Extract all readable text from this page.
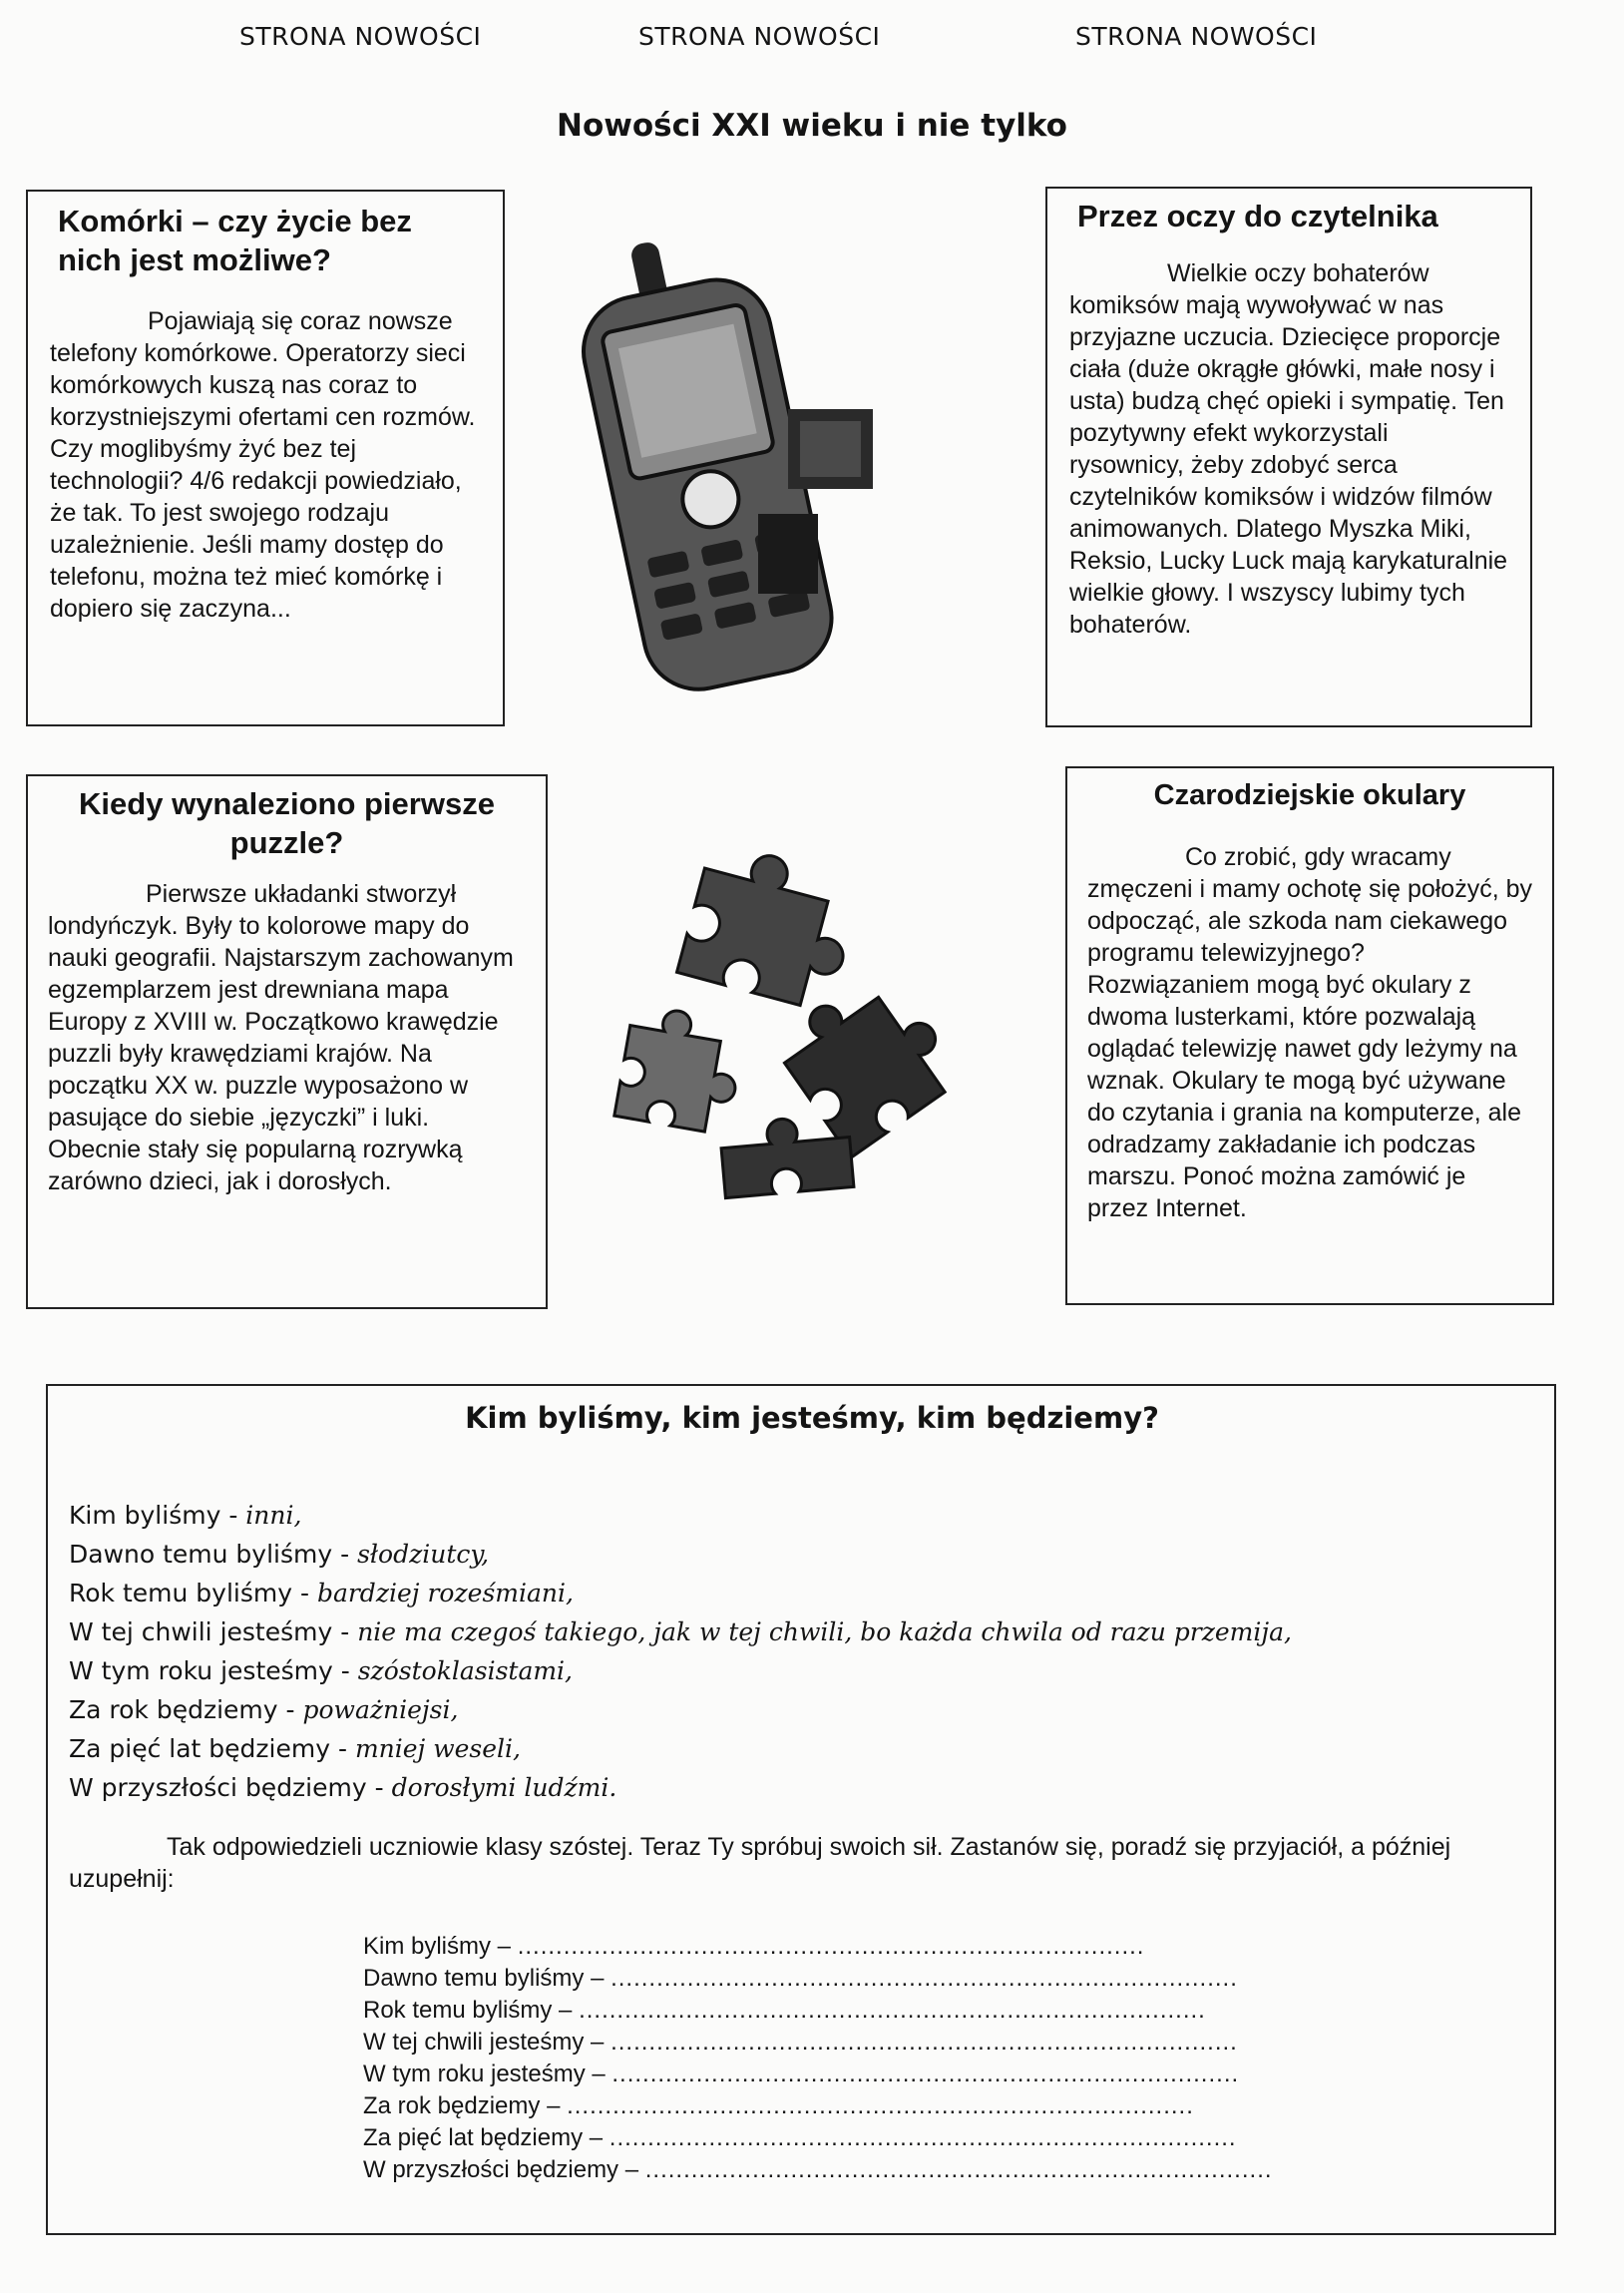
STRONA NOWOŚCI	STRONA NOWOŚCI	STRONA NOWOŚCI
Nowości XXI wieku i nie tylko
Komórki – czy życie bez nich jest możliwe?

Pojawiają się coraz nowsze telefony komórkowe. Operatorzy sieci komórkowych kuszą nas coraz to korzystniejszymi ofertami cen rozmów. Czy moglibyśmy żyć bez tej technologii? 4/6 redakcji powiedziało, że tak. To jest swojego rodzaju uzależnienie. Jeśli mamy dostęp do telefonu, można też mieć komórkę i dopiero się zaczyna...

Przez oczy do czytelnika

Wielkie oczy bohaterów komiksów mają wywoływać w nas przyjazne uczucia. Dziecięce proporcje ciała (duże okrągłe główki, małe nosy i usta) budzą chęć opieki i sympatię. Ten pozytywny efekt wykorzystali rysownicy, żeby zdobyć serca czytelników komiksów i widzów filmów animowanych. Dlatego Myszka Miki, Reksio, Lucky Luck mają karykaturalnie wielkie głowy. I wszyscy lubimy tych bohaterów.

Kiedy wynaleziono pierwsze puzzle?

Pierwsze układanki stworzył londyńczyk. Były to kolorowe mapy do nauki geografii. Najstarszym zachowanym egzemplarzem jest drewniana mapa Europy z XVIII w. Początkowo krawędzie puzzli były krawędziami krajów. Na początku XX w. puzzle wyposażono w pasujące do siebie „języczki” i luki. Obecnie stały się popularną rozrywką zarówno dzieci, jak i dorosłych.

Czarodziejskie okulary

Co zrobić, gdy wracamy zmęczeni i mamy ochotę się położyć, by odpocząć, ale szkoda nam ciekawego programu telewizyjnego? Rozwiązaniem mogą być okulary z dwoma lusterkami, które pozwalają oglądać telewizję nawet gdy leżymy na wznak. Okulary te mogą być używane do czytania i grania na komputerze, ale odradzamy zakładanie ich podczas marszu. Ponoć można zamówić je przez Internet.

Kim byliśmy, kim jesteśmy, kim będziemy?
Kim byliśmy - inni,
Dawno temu byliśmy - słodziutcy,
Rok temu byliśmy - bardziej roześmiani,
W tej chwili jesteśmy - nie ma czegoś takiego, jak w tej chwili, bo każda chwila od razu przemija,
W tym roku jesteśmy - szóstoklasistami,
Za rok będziemy - poważniejsi,
Za pięć lat będziemy - mniej weseli,
W przyszłości będziemy - dorosłymi ludźmi.
Tak odpowiedzieli uczniowie klasy szóstej. Teraz Ty spróbuj swoich sił. Zastanów się, poradź się przyjaciół, a później uzupełnij:
Kim byliśmy – ..................................................................................
Dawno temu byliśmy – ..................................................................................
Rok temu byliśmy – ..................................................................................
W tej chwili jesteśmy – ..................................................................................
W tym roku jesteśmy – ..................................................................................
Za rok będziemy – ..................................................................................
Za pięć lat będziemy – ..................................................................................
W przyszłości będziemy – ..................................................................................
